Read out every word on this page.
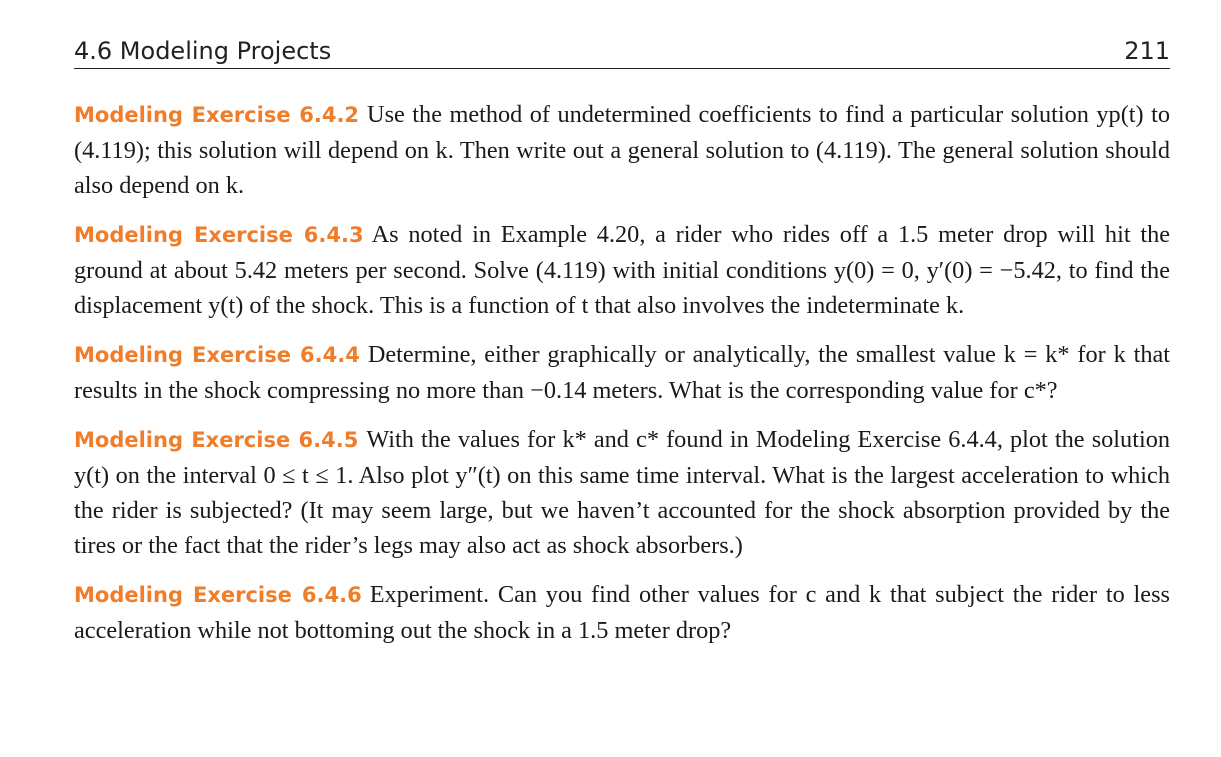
4.6 Modeling Projects	211

Modeling Exercise 6.4.2 Use the method of undetermined coefficients to find a particular solution yp(t) to (4.119); this solution will depend on k. Then write out a general solution to (4.119). The general solution should also depend on k.

Modeling Exercise 6.4.3 As noted in Example 4.20, a rider who rides off a 1.5 meter drop will hit the ground at about 5.42 meters per second. Solve (4.119) with initial conditions y(0) = 0, y′(0) = −5.42, to find the displacement y(t) of the shock. This is a function of t that also involves the indeterminate k.

Modeling Exercise 6.4.4 Determine, either graphically or analytically, the smallest value k = k* for k that results in the shock compressing no more than −0.14 meters. What is the corresponding value for c*?

Modeling Exercise 6.4.5 With the values for k* and c* found in Modeling Exercise 6.4.4, plot the solution y(t) on the interval 0 ≤ t ≤ 1. Also plot y″(t) on this same time interval. What is the largest acceleration to which the rider is subjected? (It may seem large, but we haven’t accounted for the shock absorption provided by the tires or the fact that the rider’s legs may also act as shock absorbers.)

Modeling Exercise 6.4.6 Experiment. Can you find other values for c and k that subject the rider to less acceleration while not bottoming out the shock in a 1.5 meter drop?
